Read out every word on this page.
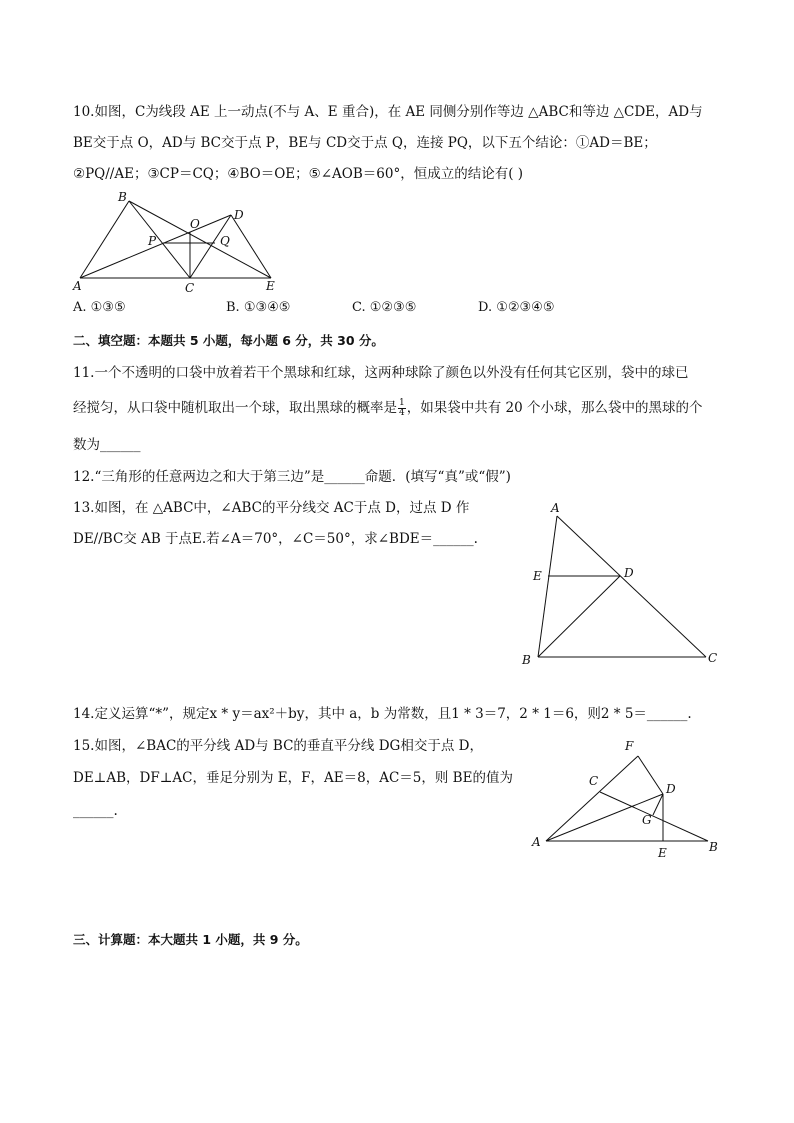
10.如图，C为线段 AE 上一动点(不与 A、E 重合)，在 AE 同侧分别作等边 △ABC和等边 △CDE，AD与
BE交于点 O，AD与 BC交于点 P，BE与 CD交于点 Q，连接 PQ，以下五个结论：①AD＝BE；
②PQ//AE；③CP＝CQ；④BO＝OE；⑤∠AOB＝60°，恒成立的结论有( )
B
A	C	E
D
O
P	Q
A. ①③⑤	B. ①③④⑤	C. ①②③⑤	D. ①②③④⑤
二、填空题：本题共 5 小题，每小题 6 分，共 30 分。
11.一个不透明的口袋中放着若干个黑球和红球，这两种球除了颜色以外没有任何其它区别，袋中的球已
经搅匀，从口袋中随机取出一个球，取出黑球的概率是 $\frac{1}{4}$ ，如果袋中共有 20 个小球，那么袋中的黑球的个
数为______
12.“三角形的任意两边之和大于第三边”是______命题．(填写“真”或“假”)
13.如图，在 △ABC中，∠ABC的平分线交 AC于点 D，过点 D 作
DE//BC交 AB 于点E.若∠A＝70°，∠C＝50°，求∠BDE＝______.
A
E	D
B	C
14.定义运算“*”，规定x * y＝ax²＋by，其中 a，b 为常数，且1 * 3＝7，2 * 1＝6，则2 * 5＝______.
15.如图，∠BAC的平分线 AD与 BC的垂直平分线 DG相交于点 D，
DE⊥AB，DF⊥AC，垂足分别为 E，F，AE＝8，AC＝5，则 BE的值为
______.
F
C
D
G
A
E	B
三、计算题：本大题共 1 小题，共 9 分。
